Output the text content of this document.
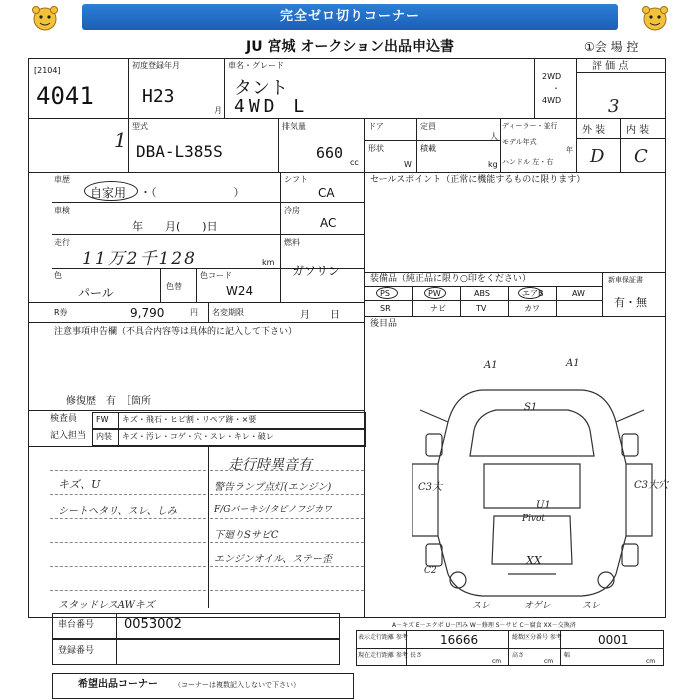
完全ゼロ切りコーナー
JU 宮城 オークション出品申込書	①会 場 控
[2104]
4041
初度登録年月
H23
月
車名・グレード
タント
4WD L
2WD
・
4WD
評 価 点
3
1
型式
DBA-L385S
排気量
660
cc
ドア	定員
人
形状
W
積載
kg
ディーラー・並行
モデル年式
年
ハンドル 左・右
外 装 内 装
D C
車歴
自家用 ・（　　　　　　　）
シフト
CA
車検
年　　月(　　)日
冷房
AC
走行
11万2千128	km
燃料
ガソリン
色
パール	色替
色コード
W24
R券	9,790	円 名変期限	月　　日
セールスポイント（正常に機能するものに限ります）
装備品（純正品に限り○印をください）
PS	PW	ABS	エアB	AW
SR	ナビ	TV	カワ
新車保証書
有・無
後目品
注意事項申告欄（不具合内容等は具体的に記入して下さい）
修復歴　有　［箇所
検査員
記入担当
FW キズ・飛石・ヒビ割・リペア跡・×要
内装 キズ・汚レ・コゲ・穴・スレ・キレ・破レ
キズ、U
シートヘタリ、スレ、しみ
スタッドレスAWキズ
走行時異音有
警告ランプ点灯(エンジン)
F/Gバーキシ/タピノフジカワ
下廻りSサビC
エンジンオイル、ステー歪
A1	A1
S1
C3大	C3大穴
U1
Pivot
XX
C2
スレ	オゲレ	スレ
A－キズ E－エクボ U－凹み W－修理 S－サビ C－腐食 XX－交換済
車台番号 0053002
登録番号
表示走行距離 参考	16666	総数区分番号 参考	0001
現在走行距離 参考 長さ
cm
高さ
cm
幅
cm
希望出品コーナー （コーナーは複数記入しないで下さい）
